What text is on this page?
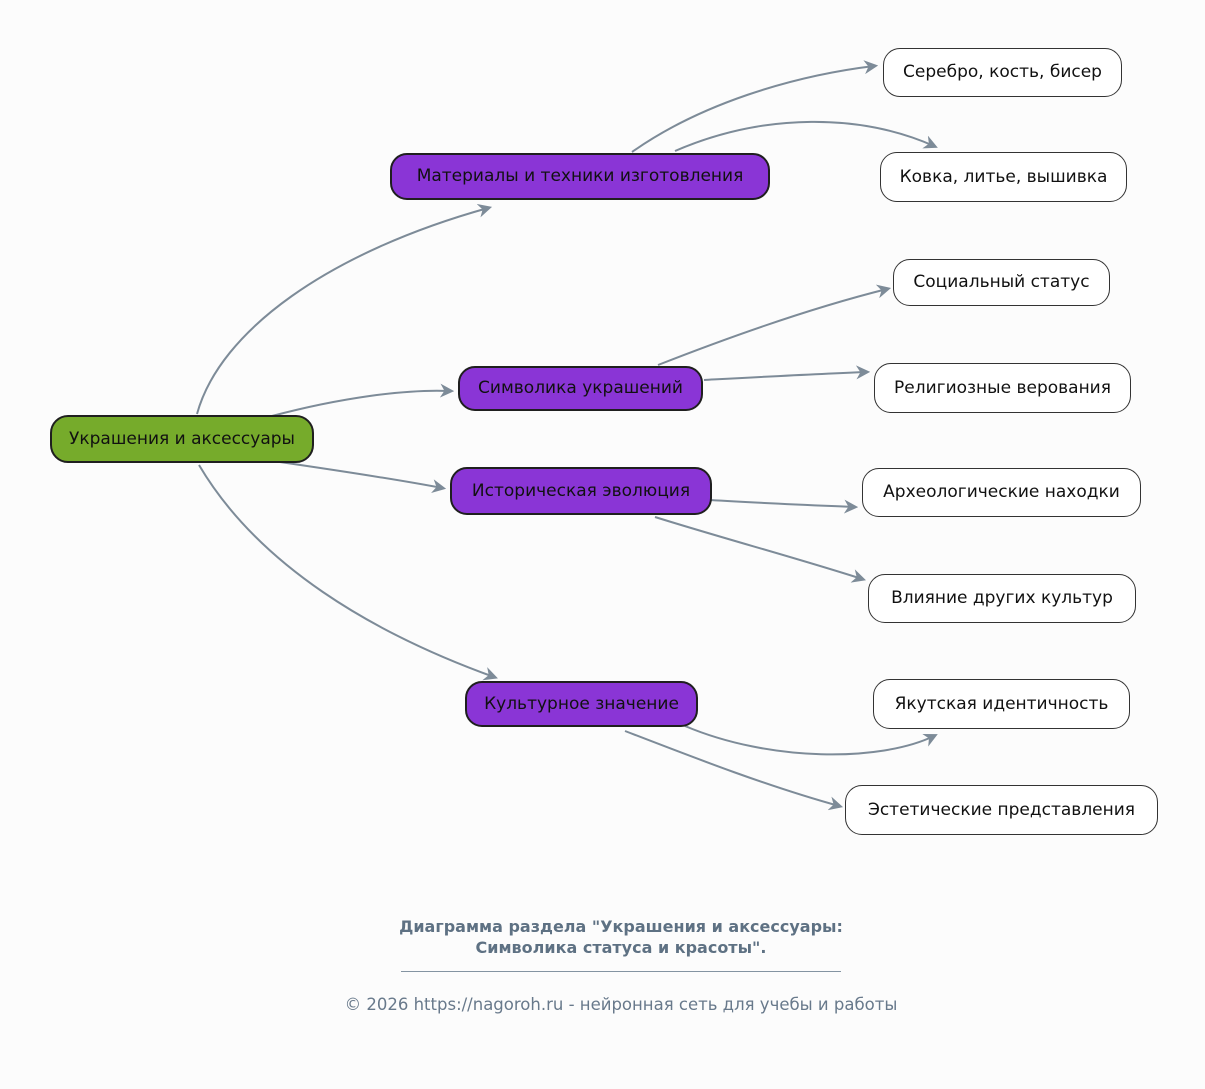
Украшения и аксессуары
Материалы и техники изготовления
Символика украшений
Историческая эволюция
Культурное значение
Серебро, кость, бисер
Ковка, литье, вышивка
Социальный статус
Религиозные верования
Археологические находки
Влияние других культур
Якутская идентичность
Эстетические представления
Диаграмма раздела "Украшения и аксессуары:
Символика статуса и красоты".
© 2026 https://nagoroh.ru - нейронная сеть для учебы и работы
